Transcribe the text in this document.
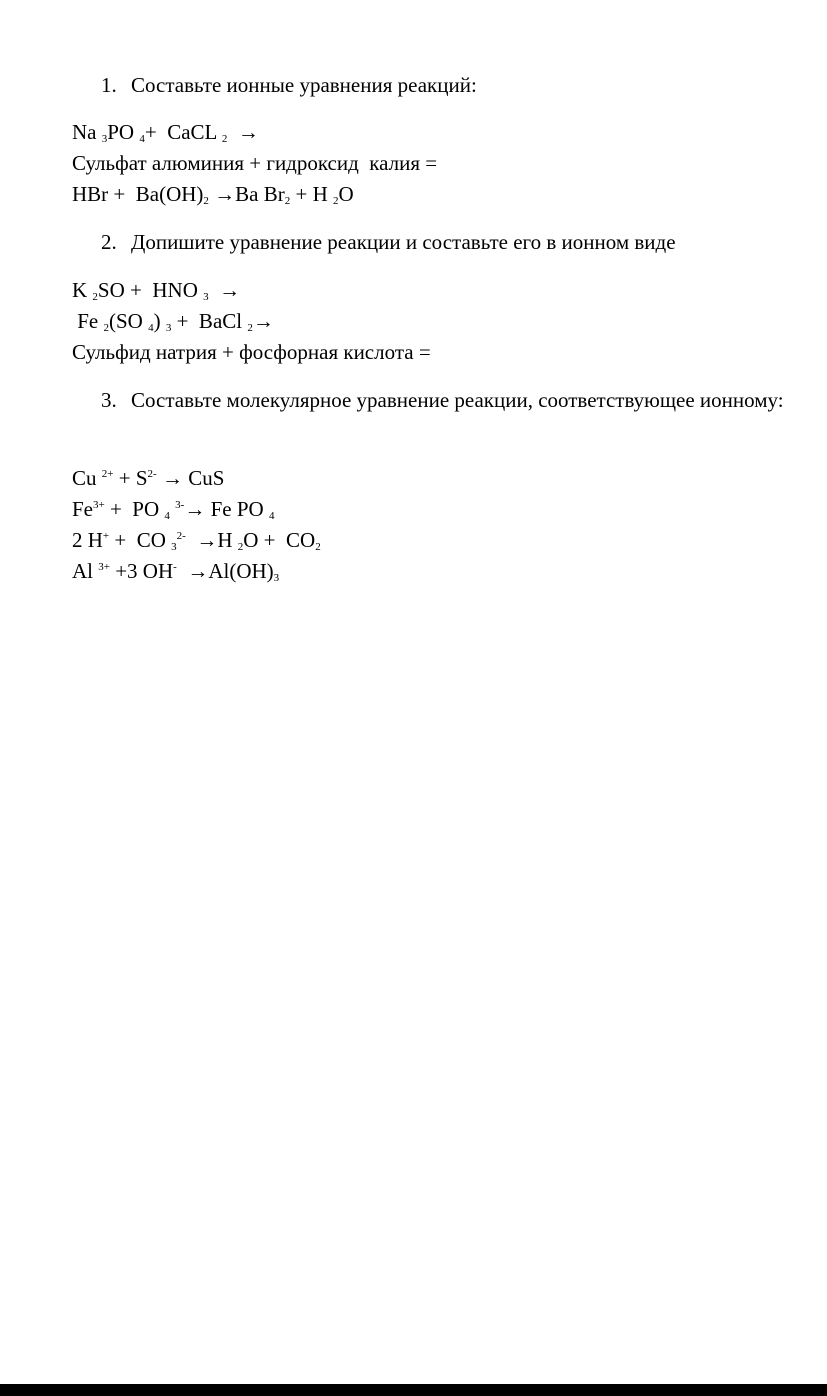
1. Составьте ионные уравнения реакций:
Na $_3$PO $_4$+  CaCL $_2$  →
Сульфат алюминия + гидроксид  калия =
HBr +  $Ba(OH)_2 \to Ba$ $Br_2 + H$ $_2$O
2. Допишите уравнение реакции и составьте его в ионном виде
K $_2$SO +  HNO $_3$  →
Fe $_2$(SO $_4$) $_3$ +  BaCl $_2$→
Сульфид натрия + фосфорная кислота =
3. Составьте молекулярное уравнение реакции, соответствующее ионному:
Cu $^{2+} + S^{2-}$ → CuS
$Fe^{3+}$ +  PO $_4$ $^{3-}$→ Fe PO $_4$
2 H+ +  CO $_3^{2-}$  →H $_2O + CO_2$
Al $^{3+}$ +3 $OH^- \to Al(OH)_3$
